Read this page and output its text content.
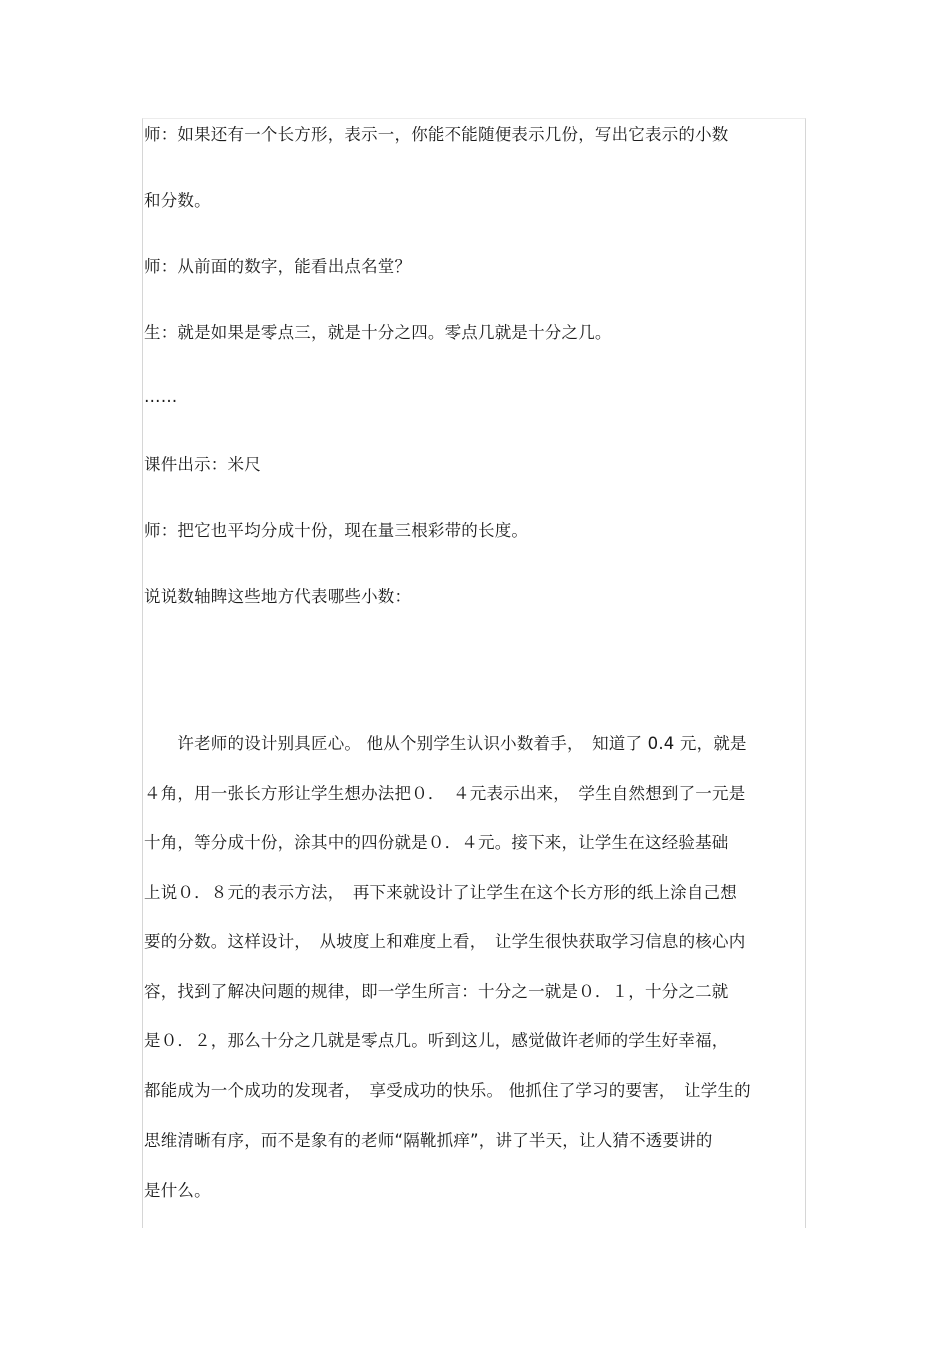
师：如果还有一个长方形，表示一，你能不能随便表示几份，写出它表示的小数
和分数。
师：从前面的数字，能看出点名堂？
生：就是如果是零点三，就是十分之四。零点几就是十分之几。
……
课件出示：米尺
师：把它也平均分成十份，现在量三根彩带的长度。
说说数轴睥这些地方代表哪些小数：
　　许老师的设计别具匠心。 他从个别学生认识小数着手，　知道了 0.4 元，就是
４角，用一张长方形让学生想办法把０．　４元表示出来，　学生自然想到了一元是
十角，等分成十份，涂其中的四份就是０．４元。接下来，让学生在这经验基础
上说０．８元的表示方法，　再下来就设计了让学生在这个长方形的纸上涂自己想
要的分数。这样设计，　从坡度上和难度上看，　让学生很快获取学习信息的核心内
容，找到了解决问题的规律，即一学生所言：十分之一就是０．１，十分之二就
是０．２，那么十分之几就是零点几。听到这儿，感觉做许老师的学生好幸福，
都能成为一个成功的发现者，　享受成功的快乐。 他抓住了学习的要害，　让学生的
思维清晰有序，而不是象有的老师“隔靴抓痒”，讲了半天，让人猜不透要讲的
是什么。
